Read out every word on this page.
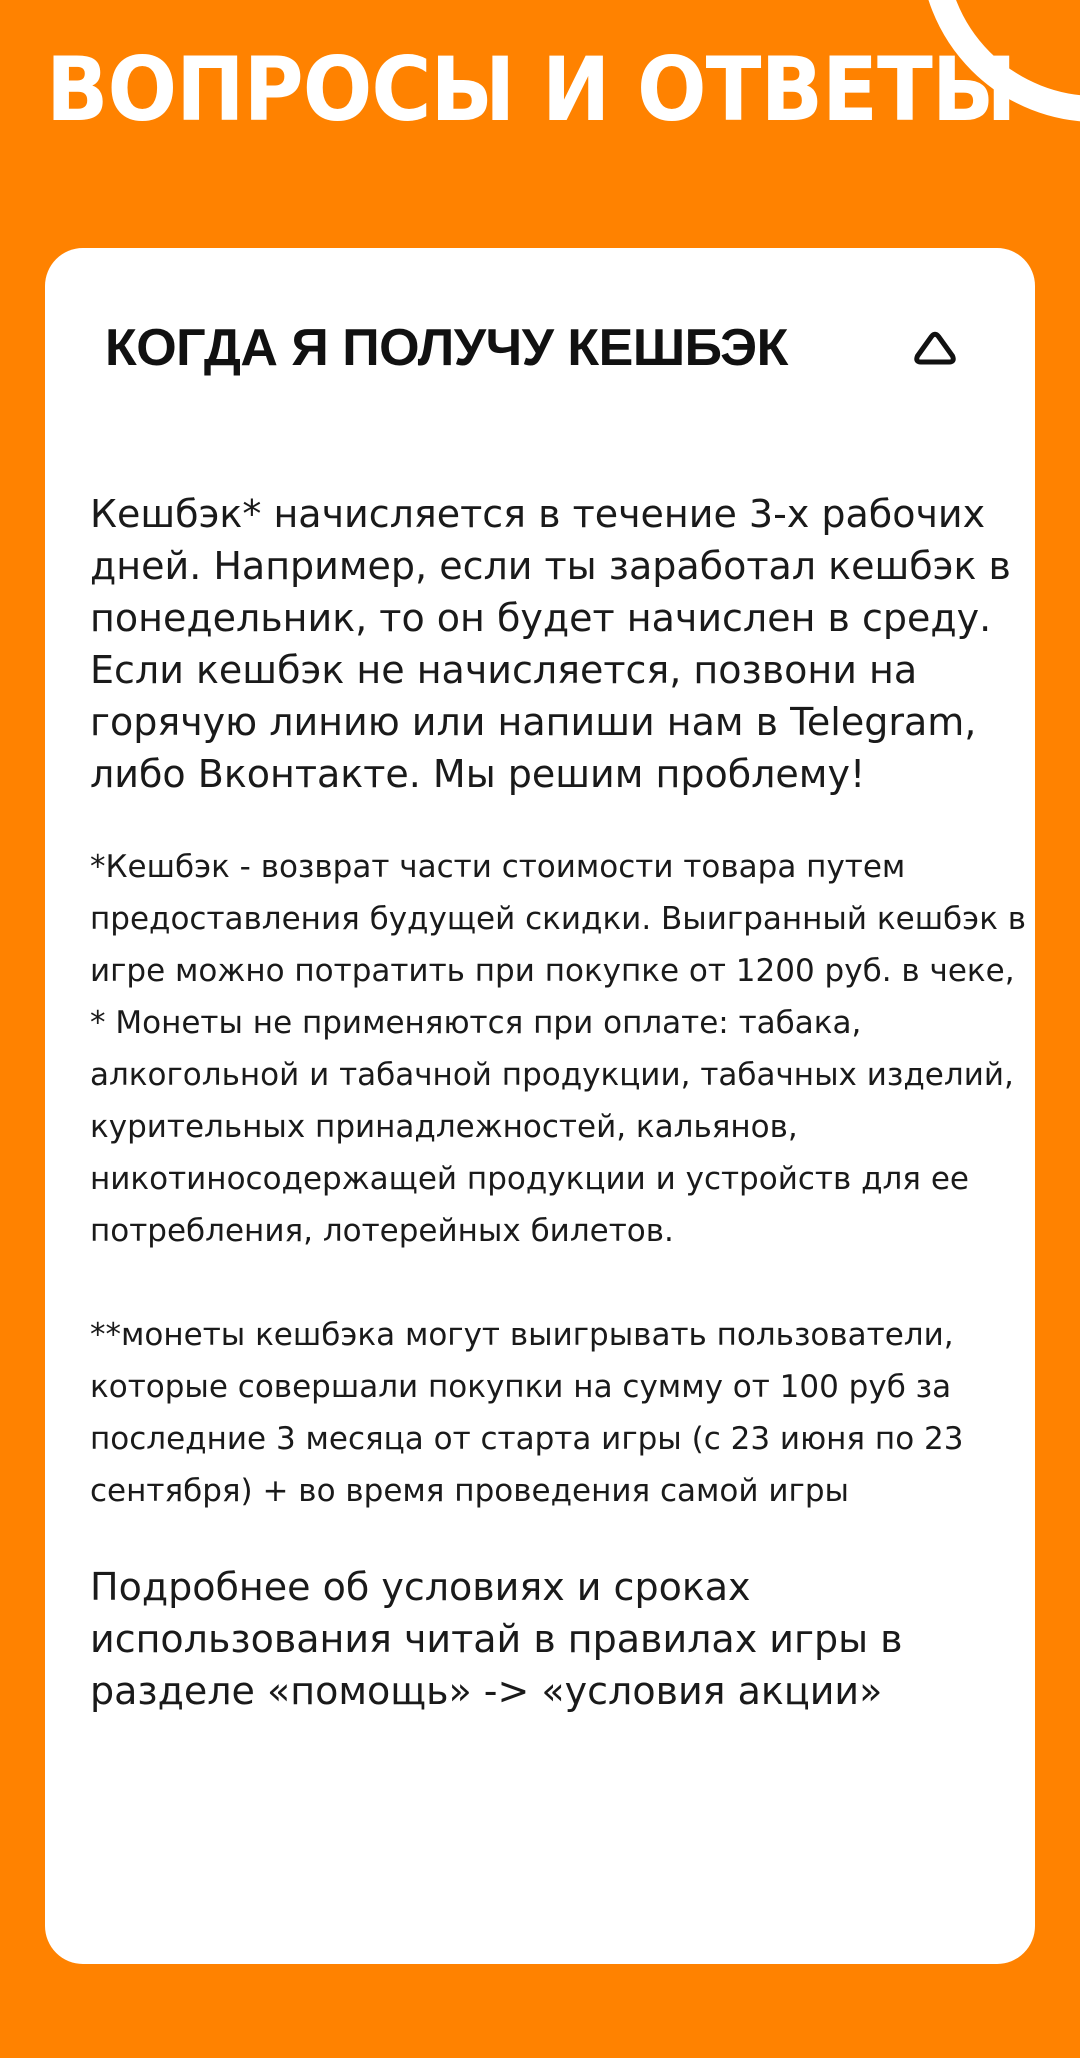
ВОПРОСЫ И ОТВЕТЫ
КОГДА Я ПОЛУЧУ КЕШБЭК

Кешбэк* начисляется в течение 3-х рабочих дней. Например, если ты заработал кешбэк в понедельник, то он будет начислен в среду. Если кешбэк не начисляется, позвони на горячую линию или напиши нам в Telegram, либо Вконтакте. Мы решим проблему!

*Кешбэк - возврат части стоимости товара путем предоставления будущей скидки. Выигранный кешбэк в игре можно потратить при покупке от 1200 руб. в чеке, * Монеты не применяются при оплате: табака, алкогольной и табачной продукции, табачных изделий, курительных принадлежностей, кальянов, никотиносодержащей продукции и устройств для ее потребления, лотерейных билетов.

**монеты кешбэка могут выигрывать пользователи, которые совершали покупки на сумму от 100 руб за последние 3 месяца от старта игры (с 23 июня по 23 сентября) + во время проведения самой игры

Подробнее об условиях и сроках использования читай в правилах игры в разделе «помощь» -> «условия акции»
